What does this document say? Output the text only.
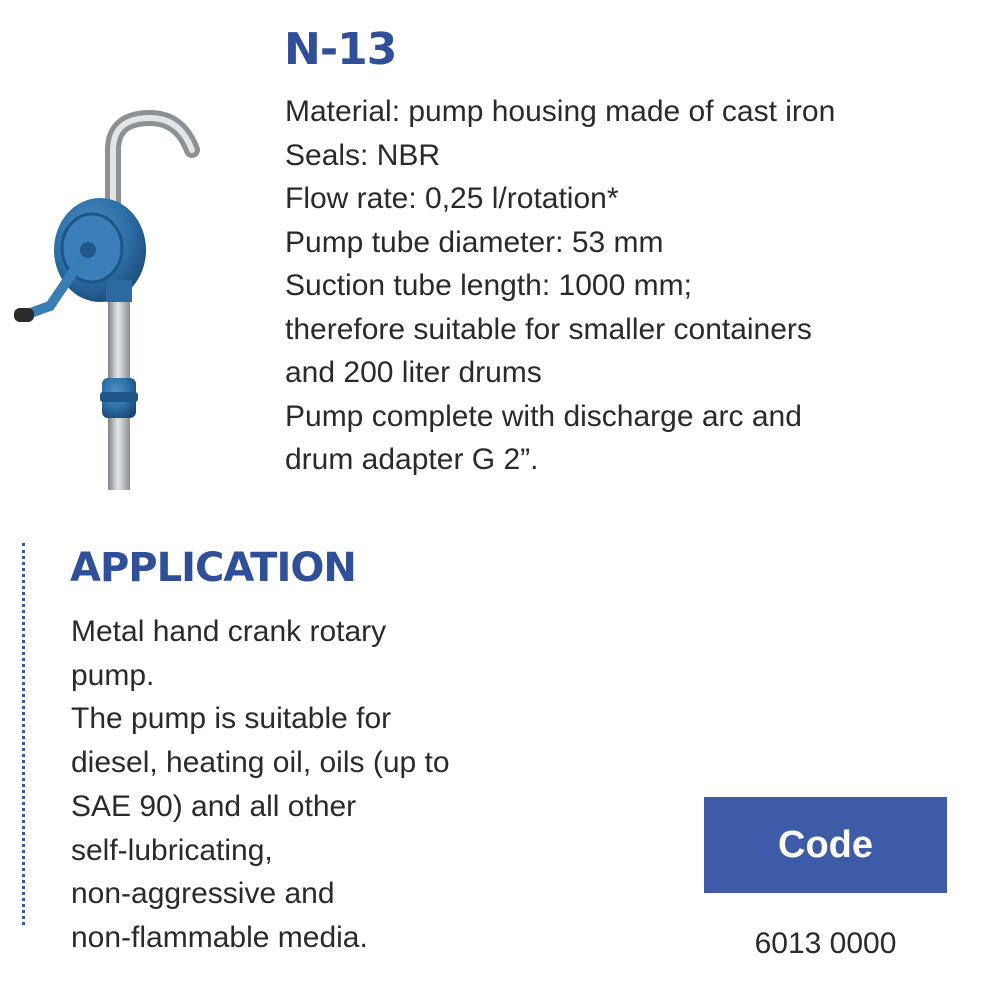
N-13
Material: pump housing made of cast iron
Seals: NBR
Flow rate: 0,25 l/rotation*
Pump tube diameter: 53 mm
Suction tube length: 1000 mm;
therefore suitable for smaller containers
and 200 liter drums
Pump complete with discharge arc and
drum adapter G 2”.
APPLICATION
Metal hand crank rotary
pump.
The pump is suitable for
diesel, heating oil, oils (up to
SAE 90) and all other
self-lubricating,
non-aggressive and
non-flammable media.
Code
6013 0000
